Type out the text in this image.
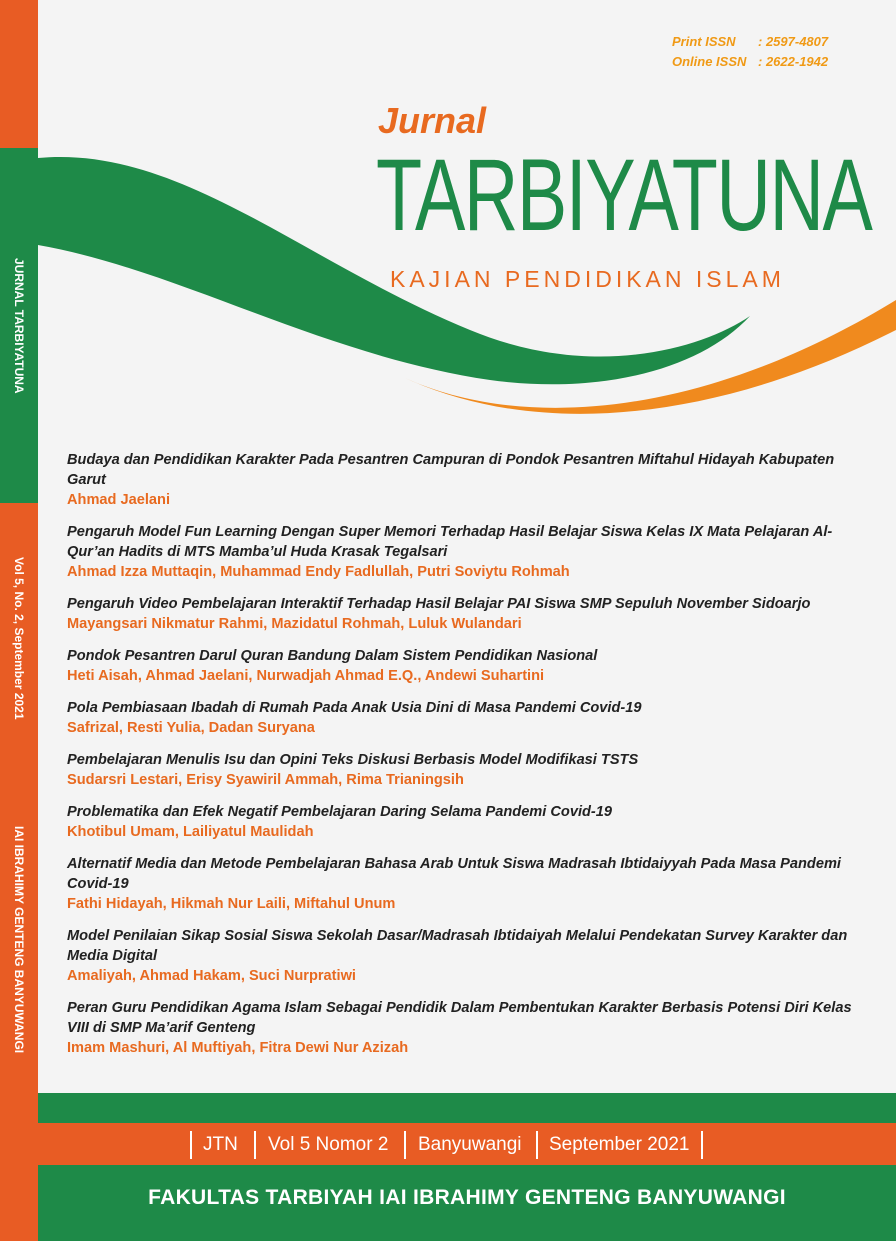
JURNAL TARBIYATUNA
Vol 5, No. 2, September 2021
IAI IBRAHIMY GENTENG BANYUWANGI
Print ISSN : 2597-4807
Online ISSN : 2622-1942
Jurnal
TARBIYATUNA
KAJIAN PENDIDIKAN ISLAM
Budaya dan Pendidikan Karakter Pada Pesantren Campuran di Pondok Pesantren Miftahul Hidayah Kabupaten Garut
Ahmad Jaelani
Pengaruh Model Fun Learning Dengan Super Memori Terhadap Hasil Belajar Siswa Kelas IX Mata Pelajaran Al-Qur’an Hadits di MTS Mamba’ul Huda Krasak Tegalsari
Ahmad Izza Muttaqin, Muhammad Endy Fadlullah, Putri Soviytu Rohmah
Pengaruh Video Pembelajaran Interaktif Terhadap Hasil Belajar PAI Siswa SMP Sepuluh November Sidoarjo
Mayangsari Nikmatur Rahmi, Mazidatul Rohmah, Luluk Wulandari
Pondok Pesantren Darul Quran Bandung Dalam Sistem Pendidikan Nasional
Heti Aisah, Ahmad Jaelani, Nurwadjah Ahmad E.Q., Andewi Suhartini
Pola Pembiasaan Ibadah di Rumah Pada Anak Usia Dini di Masa Pandemi Covid-19
Safrizal, Resti Yulia, Dadan Suryana
Pembelajaran Menulis Isu dan Opini Teks Diskusi Berbasis Model Modifikasi TSTS
Sudarsri Lestari, Erisy Syawiril Ammah, Rima Trianingsih
Problematika dan Efek Negatif Pembelajaran Daring Selama Pandemi Covid-19
Khotibul Umam, Lailiyatul Maulidah
Alternatif Media dan Metode Pembelajaran Bahasa Arab Untuk Siswa Madrasah Ibtidaiyyah Pada Masa Pandemi Covid-19
Fathi Hidayah, Hikmah Nur Laili, Miftahul Unum
Model Penilaian Sikap Sosial Siswa Sekolah Dasar/Madrasah Ibtidaiyah Melalui Pendekatan Survey Karakter dan Media Digital
Amaliyah, Ahmad Hakam, Suci Nurpratiwi
Peran Guru Pendidikan Agama Islam Sebagai Pendidik Dalam Pembentukan Karakter Berbasis Potensi Diri Kelas VIII di SMP Ma’arif Genteng
Imam Mashuri, Al Muftiyah, Fitra Dewi Nur Azizah
JTN Vol 5 Nomor 2 Banyuwangi September 2021
FAKULTAS TARBIYAH IAI IBRAHIMY GENTENG BANYUWANGI
